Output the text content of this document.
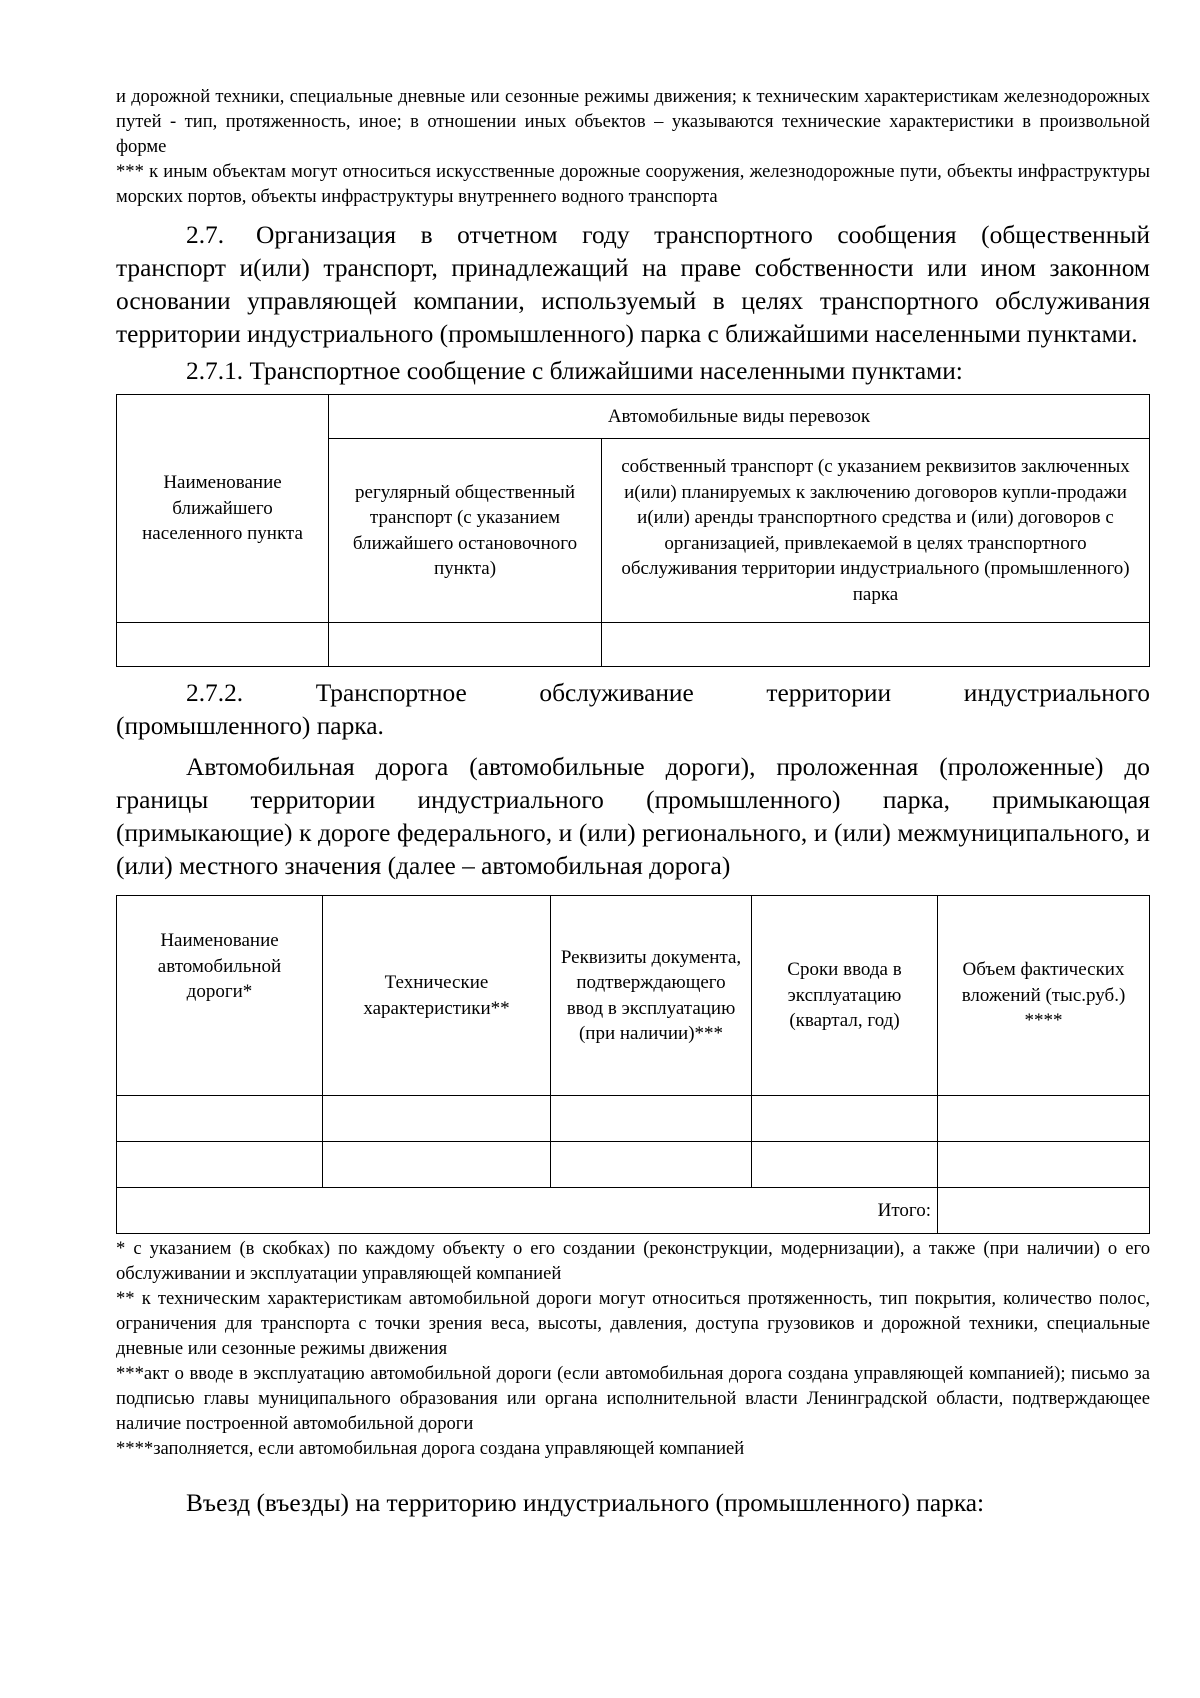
и дорожной техники, специальные дневные или сезонные режимы движения; к техническим характеристикам железнодорожных путей - тип, протяженность, иное; в отношении иных объектов – указываются технические характеристики в произвольной форме

*** к иным объектам могут относиться искусственные дорожные сооружения, железнодорожные пути, объекты инфраструктуры морских портов, объекты инфраструктуры внутреннего водного транспорта

2.7. Организация в отчетном году транспортного сообщения (общественный транспорт и(или) транспорт, принадлежащий на праве собственности или ином законном основании управляющей компании, используемый в целях транспортного обслуживания территории индустриального (промышленного) парка с ближайшими населенными пунктами.

2.7.1. Транспортное сообщение с ближайшими населенными пунктами:

Наименование ближайшего населенного пункта	Автомобильные виды перевозок	
	регулярный общественный транспорт (с указанием ближайшего остановочного пункта)	собственный транспорт (с указанием реквизитов заключенных и(или) планируемых к заключению договоров купли-продажи и(или) аренды транспортного средства и (или) договоров с организацией, привлекаемой в целях транспортного обслуживания территории индустриального (промышленного) парка

2.7.2. Транспортное обслуживание территории индустриального

(промышленного) парка.

Автомобильная дорога (автомобильные дороги), проложенная (проложенные) до границы территории индустриального (промышленного) парка, примыкающая (примыкающие) к дороге федерального, и (или) регионального, и (или) межмуниципального, и (или) местного значения (далее – автомобильная дорога)

Наименование автомобильной дороги*	Технические характеристики**	Реквизиты документа, подтверждающего ввод в эксплуатацию (при наличии)***	Сроки ввода в эксплуатацию (квартал, год)	Объем фактических вложений (тыс.руб.) ****

Итого:				

* с указанием (в скобках) по каждому объекту о его создании (реконструкции, модернизации), а также (при наличии) о его обслуживании и эксплуатации управляющей компанией

** к техническим характеристикам автомобильной дороги могут относиться протяженность, тип покрытия, количество полос, ограничения для транспорта с точки зрения веса, высоты, давления, доступа грузовиков и дорожной техники, специальные дневные или сезонные режимы движения

***акт о вводе в эксплуатацию автомобильной дороги (если автомобильная дорога создана управляющей компанией); письмо за подписью главы муниципального образования или органа исполнительной власти Ленинградской области, подтверждающее наличие построенной автомобильной дороги

****заполняется, если автомобильная дорога создана управляющей компанией

Въезд (въезды) на территорию индустриального (промышленного) парка:
